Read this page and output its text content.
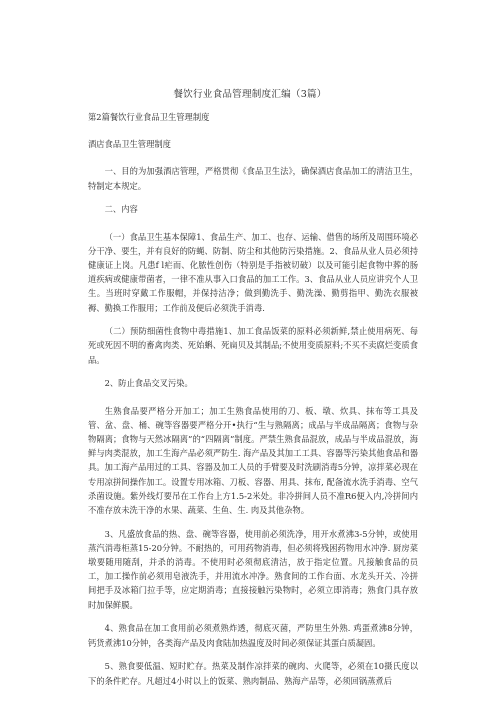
餐饮行业食品管理制度汇编（3篇）

第2篇餐饮行业食品卫生管理制度

酒店食品卫生管理制度

一、目的为加强酒店管理，严格贯彻《食品卫生法》，确保酒店食品加工的清洁卫生，特制定本规定。

二、内容

（一）食品卫生基本保障1、食品生产、加工、也存、运输、借售的场所及周围环境必分干净、要生，并有良好的防蝇、防制、防尘和其他防污染措施。2、食品从业人员必须持健康证上岗。凡患f l疟而、化脓性创伤（特别是手指被切破）以及可能引起食物中葬的肠道疾病或健康带菌者，一律不准从事入口食品的加工工作。3、食品从业人员应讲究个人卫生。当班时穿戴工作服帽，并保持洁净；做到勤洗手、勤洗澡、勤剪指甲、勤洗衣服被褥、勤换工作服用；工作前及便后必须洗手消毒.

（二）预防细菌性食物中毒措施1、加工食品饭菜的原料必须新鲜,禁止使用病死、每死或死因不明的畜禽肉类、死始蝌、死扁贝及其制品;不使用变质原料;不买不卖腐烂变质食品。

2、防止食品交叉污染。

生熟食品要严格分开加工；加工生熟食品使用的刀、板、墩、炊具、抹布等工具及管、盆、盘、桶、碗等容器要严格分开•执行“生与熟隔离；成品与半成品隔离；食物与杂物隔离；食物与天然冰隔离”的“四隔离”制度。严禁生熟食品混放，成品与半成品混放，海鲜与肉类混放，加工生海产品必须严防生. 海产品及其加工工具、容器等污染其他食品和器具。加工海产品用过的工具、容器及加工人员的手臂要及时洗刷消毒5分钟，凉拌菜必现在专用凉拼间操作加工。设置专用冰箱、刀板、容器、用具、抹布, 配备流水洗手消毒、空气杀菌设施。紫外线灯要吊在工作台上方1.5-2米处。非冷拼间人员不准R6便入内,冷拼间内不准存放未洗干净的水果、蔬菜、生鱼、生. 肉及其他杂物。

3、凡盛放食品的热、盘、碗等容器，使用前必须洗净，用开水煮沸3-5分钟，或使用蒸汽消毒柜蒸15-20分钟。不耐热的，可用药物消毒，但必须将残困药物用水冲净. 厨房菜墩要随用随刮，并杀的消毒。不使用时必须彻底清洁，放于指定位置。凡接触食品的员工，加工操作前必须用皂液洗手，并用流水冲净。熟食间的工作台面、水龙头开关、冷拼间把手及冰箱门拉手等，应定期消毒；直接接触污染物时，必须立即消毒；熟食门具存放时加保鲜膜。

4、熟食品在加工食用前必须煮熟炸透，彻底灭菌，严防里生外熟. 鸡蛋煮沸8分钟，钙货煮沸10分钟，各类海产品及肉食陆加热温度及时间必须保证其蛋白质凝固。

5、熟食要低温、短时贮存。热菜及制作凉拌菜的碗肉、火爬等，必须在10摄氏度以下的条件贮存。凡超过4小时以上的饭菜、熟肉制品、熟海产品等，必须回锅蒸煮后
